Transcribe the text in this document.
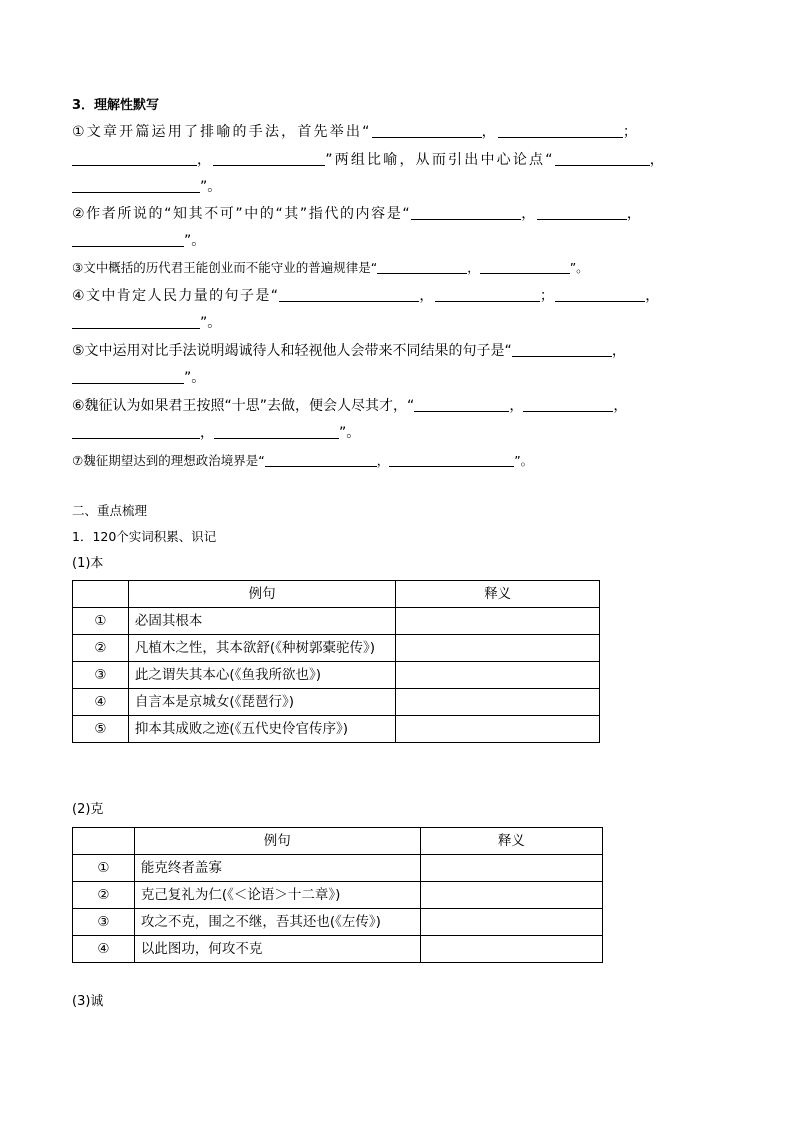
3．理解性默写
①文章开篇运用了排喻的手法，首先举出“	，	；
，	”两组比喻，从而引出中心论点“	，
”。
②作者所说的“知其不可”中的“其”指代的内容是“	，	，
”。
③文中概括的历代君王能创业而不能守业的普遍规律是“	，	”。
④文中肯定人民力量的句子是“	，	；	，
”。
⑤文中运用对比手法说明竭诚待人和轻视他人会带来不同结果的句子是“	，
”。
⑥魏征认为如果君王按照“十思”去做，便会人尽其才，“	，	，
，	”。
⑦魏征期望达到的理想政治境界是“	，	”。
二、重点梳理
1．120个实词积累、识记
(1)本
	例句	释义
①	必固其根本	
②	凡植木之性，其本欲舒(《种树郭橐驼传》)	
③	此之谓失其本心(《鱼我所欲也》)	
④	自言本是京城女(《琵琶行》)	
⑤	抑本其成败之迹(《五代史伶官传序》)	
(2)克
	例句	释义
①	能克终者盖寡	
②	克己复礼为仁(《＜论语＞十二章》)	
③	攻之不克，围之不继，吾其还也(《左传》)	
④	以此图功，何攻不克	
(3)诚
